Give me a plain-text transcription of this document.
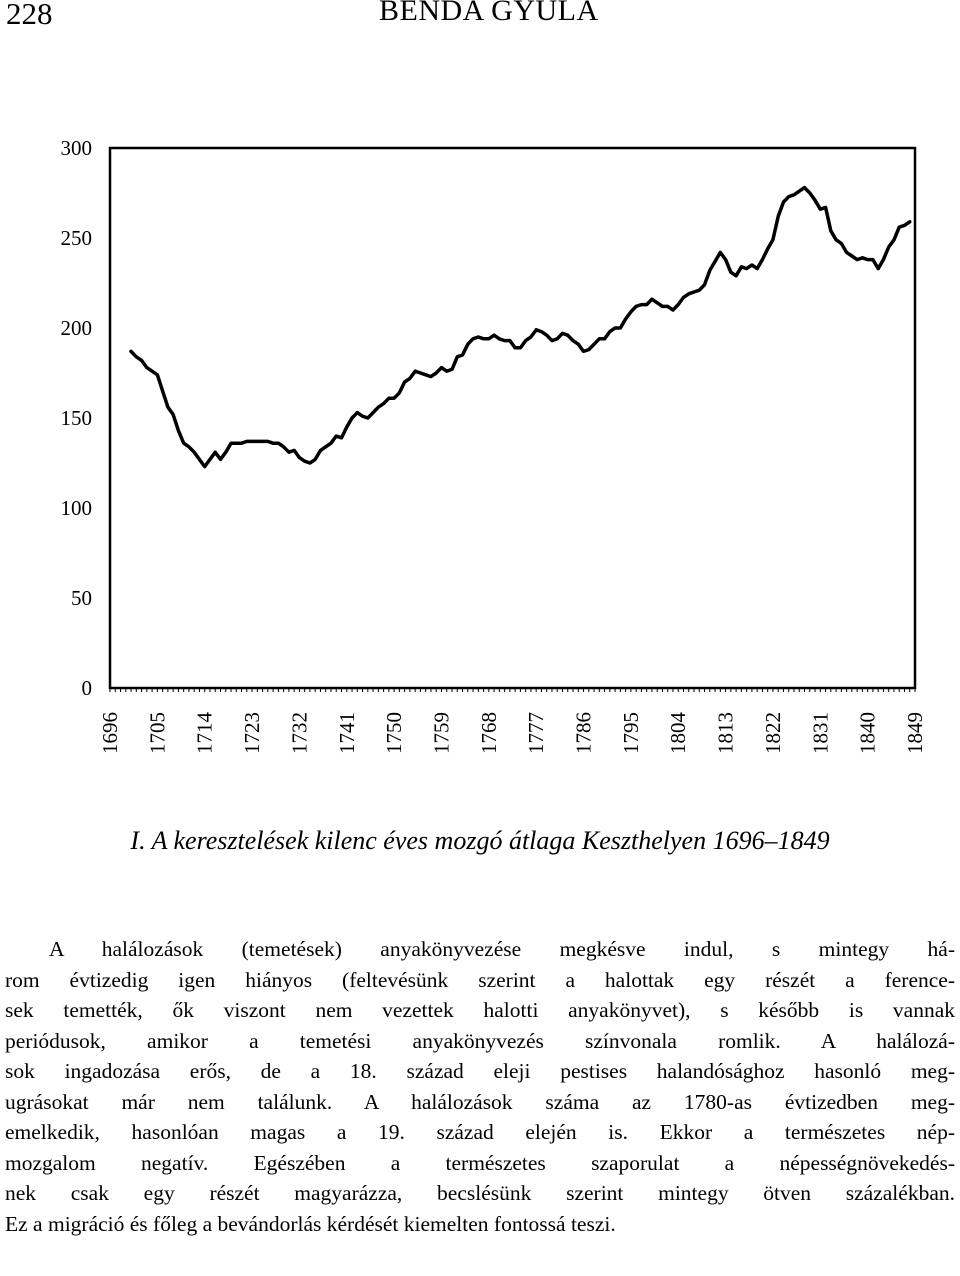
228	BENDA GYULA
0
50
100
150
200
250
300
1696 1705 1714 1723 1732 1741 1750 1759 1768 1777 1786 1795 1804 1813 1822 1831 1840 1849
I. A keresztelések kilenc éves mozgó átlaga Keszthelyen 1696–1849
A halálozások (temetések) anyakönyvezése megkésve indul, s mintegy há-
rom évtizedig igen hiányos (feltevésünk szerint a halottak egy részét a ference-
sek temették, ők viszont nem vezettek halotti anyakönyvet), s később is vannak
periódusok, amikor a temetési anyakönyvezés színvonala romlik. A halálozá-
sok ingadozása erős, de a 18. század eleji pestises halandósághoz hasonló meg-
ugrásokat már nem találunk. A halálozások száma az 1780-as évtizedben meg-
emelkedik, hasonlóan magas a 19. század elején is. Ekkor a természetes nép-
mozgalom negatív. Egészében a természetes szaporulat a népességnövekedés-
nek csak egy részét magyarázza, becslésünk szerint mintegy ötven százalékban.
Ez a migráció és főleg a bevándorlás kérdését kiemelten fontossá teszi.
